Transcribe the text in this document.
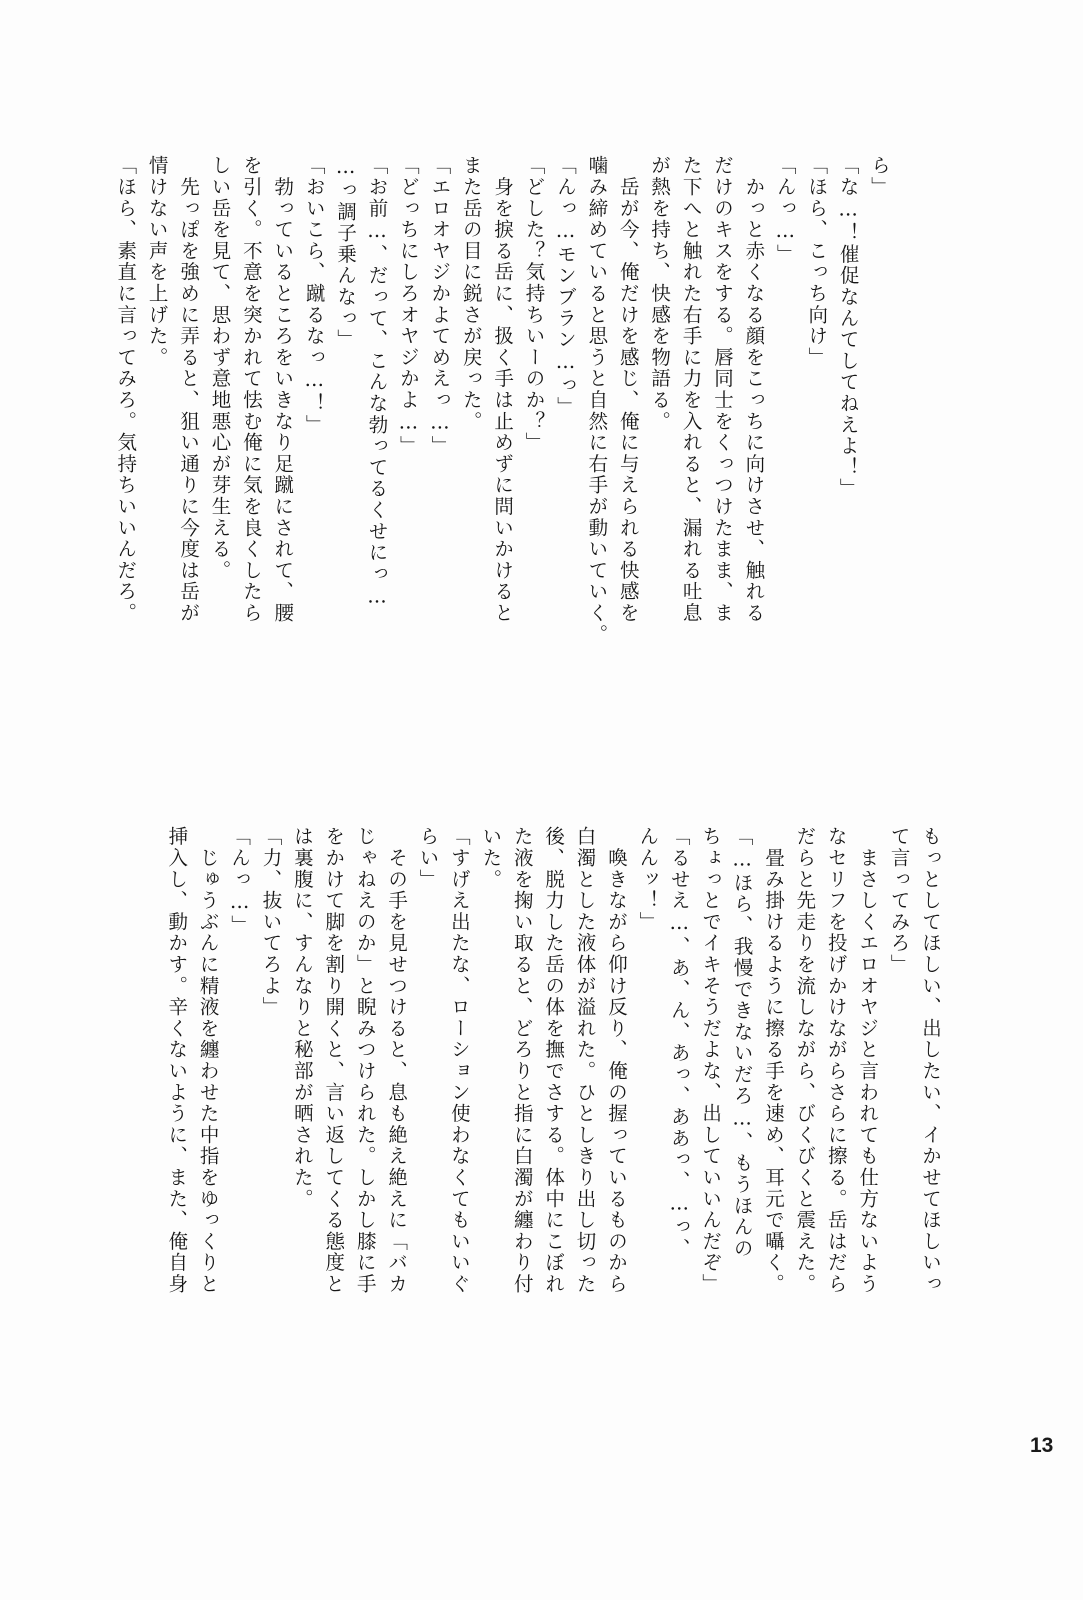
ら」
「な…！催促なんてしてねえよ！」
「ほら、こっち向け」
「んっ…」
　かっと赤くなる顔をこっちに向けさせ、触れる
だけのキスをする。唇同士をくっつけたまま、ま
た下へと触れた右手に力を入れると、漏れる吐息
が熱を持ち、快感を物語る。
　岳が今、俺だけを感じ、俺に与えられる快感を
噛み締めていると思うと自然に右手が動いていく。
「んっ…モンブラン…っ」
「どした？気持ちいーのか？」
　身を捩る岳に、扱く手は止めずに問いかけると
また岳の目に鋭さが戻った。
「エロオヤジかよてめえっ…」
「どっちにしろオヤジかよ…」
「お前…、だって、こんな勃ってるくせにっ…
…っ調子乗んなっ」
「おいこら、蹴るなっ…！」
　勃っているところをいきなり足蹴にされて、腰
を引く。不意を突かれて怯む俺に気を良くしたら
しい岳を見て、思わず意地悪心が芽生える。
　先っぽを強めに弄ると、狙い通りに今度は岳が
情けない声を上げた。
「ほら、素直に言ってみろ。気持ちいいんだろ。
もっとしてほしい、出したい、イかせてほしいっ
て言ってみろ」
　まさしくエロオヤジと言われても仕方ないよう
なセリフを投げかけながらさらに擦る。岳はだら
だらと先走りを流しながら、びくびくと震えた。
　畳み掛けるように擦る手を速め、耳元で囁く。
「…ほら、我慢できないだろ…、もうほんの
ちょっとでイキそうだよな、出していいんだぞ」
「るせえ…、あ、ん、あっ、ああっ、…っ、
んんッ！」
　喚きながら仰け反り、俺の握っているものから
白濁とした液体が溢れた。ひとしきり出し切った
後、脱力した岳の体を撫でさする。体中にこぼれ
た液を掬い取ると、どろりと指に白濁が纏わり付
いた。
「すげえ出たな、ローション使わなくてもいいぐ
らい」
　その手を見せつけると、息も絶え絶えに「バカ
じゃねえのか」と睨みつけられた。しかし膝に手
をかけて脚を割り開くと、言い返してくる態度と
は裏腹に、すんなりと秘部が晒された。
「力、抜いてろよ」
「んっ…」
　じゅうぶんに精液を纏わせた中指をゆっくりと
挿入し、動かす。辛くないように、また、俺自身
13
